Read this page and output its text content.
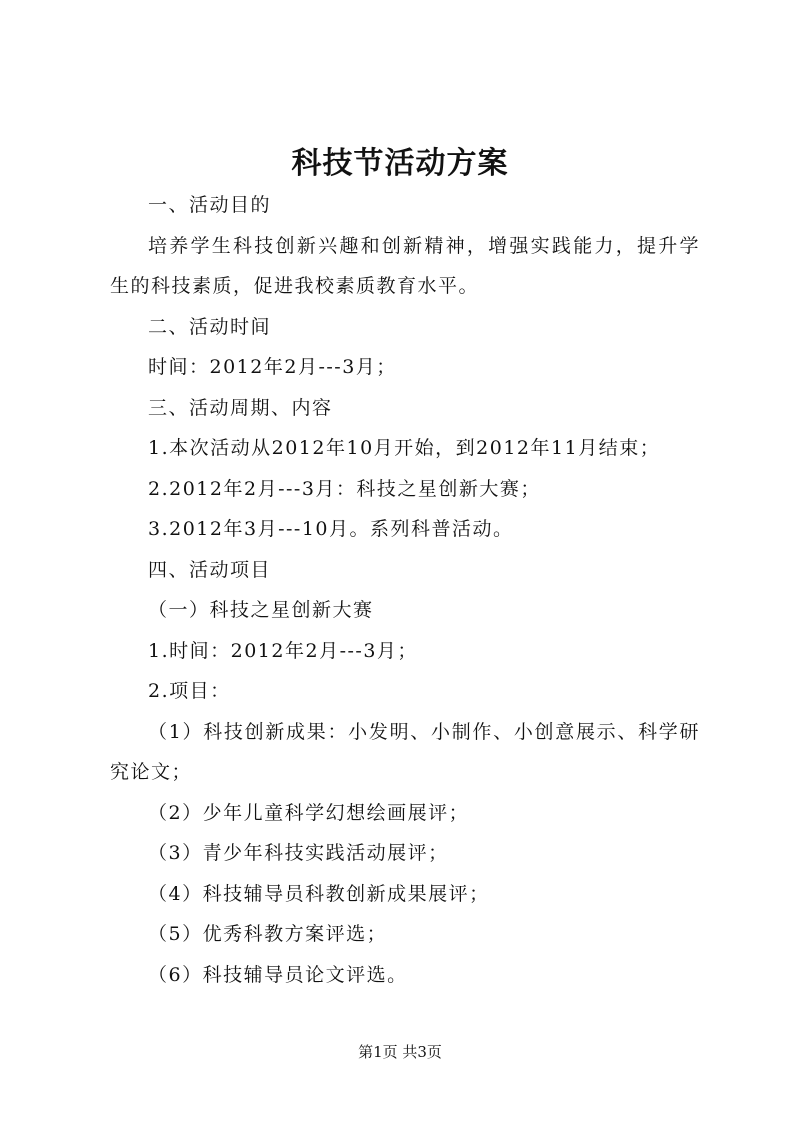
科技节活动方案

一、活动目的

培养学生科技创新兴趣和创新精神，增强实践能力，提升学生的科技素质，促进我校素质教育水平。

二、活动时间

时间：2012年2月---3月；

三、活动周期、内容

1.本次活动从2012年10月开始，到2012年11月结束；

2.2012年2月---3月：科技之星创新大赛；

3.2012年3月---10月。系列科普活动。

四、活动项目

（一）科技之星创新大赛

1.时间：2012年2月---3月；

2.项目：

（1）科技创新成果：小发明、小制作、小创意展示、科学研究论文；

（2）少年儿童科学幻想绘画展评；

（3）青少年科技实践活动展评；

（4）科技辅导员科教创新成果展评；

（5）优秀科教方案评选；

（6）科技辅导员论文评选。

第1页 共3页
